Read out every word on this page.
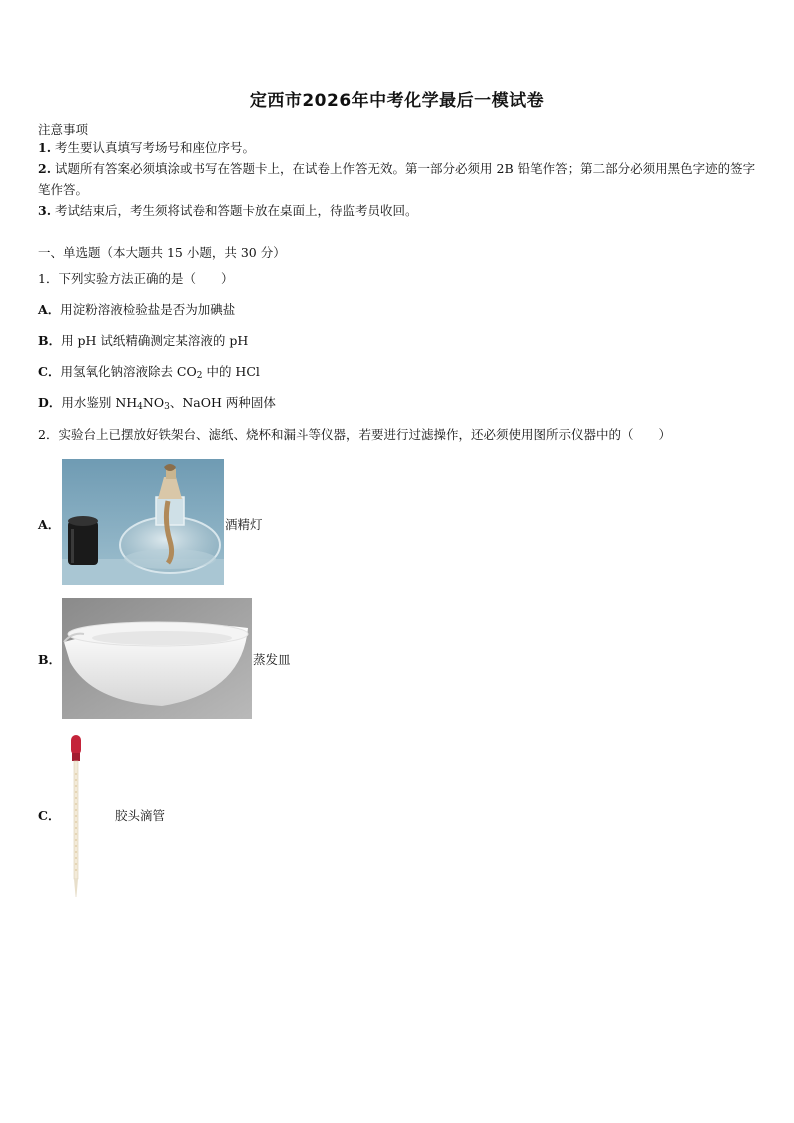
定西市2026年中考化学最后一模试卷
注意事项
1. 考生要认真填写考场号和座位序号。
2. 试题所有答案必须填涂或书写在答题卡上，在试卷上作答无效。第一部分必须用 2B 铅笔作答；第二部分必须用黑色字迹的签字笔作答。
3. 考试结束后，考生须将试卷和答题卡放在桌面上，待监考员收回。
一、单选题（本大题共 15 小题，共 30 分）
1．下列实验方法正确的是（　　）
A．用淀粉溶液检验盐是否为加碘盐
B．用 pH 试纸精确测定某溶液的 pH
C．用氢氧化钠溶液除去 $CO_2$ 中的 HCl
D．用水鉴别 $NH_4NO_3$、NaOH 两种固体
2．实验台上已摆放好铁架台、滤纸、烧杯和漏斗等仪器，若要进行过滤操作，还必须使用图所示仪器中的（　　）
A．	酒精灯
B．	蒸发皿
C．	胶头滴管
